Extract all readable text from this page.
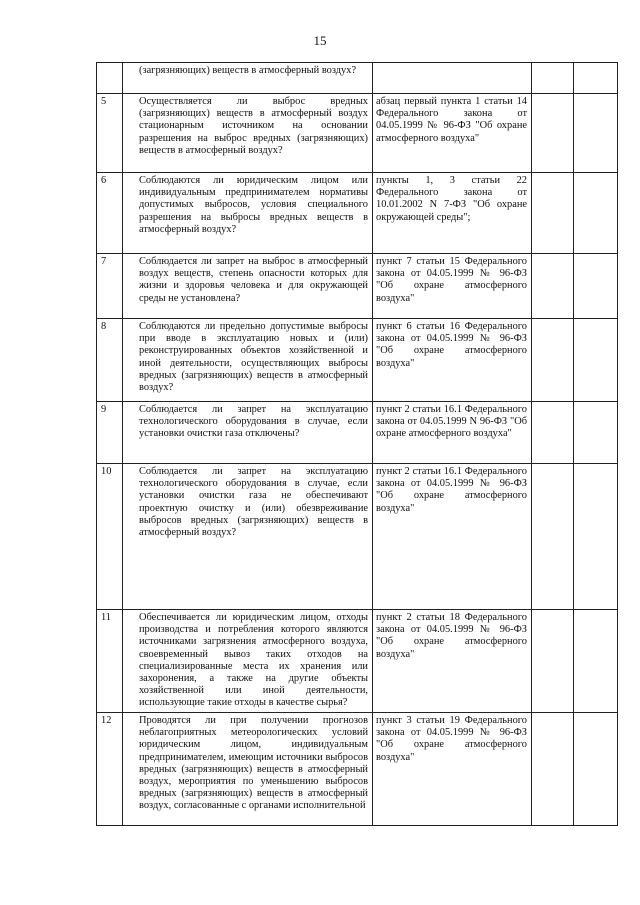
15

	(загрязняющих) веществ в атмосферный воздух?			

5	Осуществляется ли выброс вредных (загрязняющих) веществ в атмосферный воздух стационарным источником на основании разрешения на выброс вредных (загрязняющих) веществ в атмосферный воздух?	абзац первый пункта 1 статьи 14 Федерального закона от 04.05.1999 № 96-ФЗ "Об охране атмосферного воздуха"		

6	Соблюдаются ли юридическим лицом или индивидуальным предпринимателем нормативы допустимых выбросов, условия специального разрешения на выбросы вредных веществ в атмосферный воздух?	пункты 1, 3 статьи 22 Федерального закона от 10.01.2002 N 7-ФЗ "Об охране окружающей среды";		

7	Соблюдается ли запрет на выброс в атмосферный воздух веществ, степень опасности которых для жизни и здоровья человека и для окружающей среды не установлена?	пункт 7 статьи 15 Федерального закона от 04.05.1999 № 96-ФЗ "Об охране атмосферного воздуха"		

8	Соблюдаются ли предельно допустимые выбросы при вводе в эксплуатацию новых и (или) реконструированных объектов хозяйственной и иной деятельности, осуществляющих выбросы вредных (загрязняющих) веществ в атмосферный воздух?	пункт 6 статьи 16 Федерального закона от 04.05.1999 № 96-ФЗ "Об охране атмосферного воздуха"		

9	Соблюдается ли запрет на эксплуатацию технологического оборудования в случае, если установки очистки газа отключены?	пункт 2 статьи 16.1 Федерального закона от 04.05.1999 N 96-ФЗ "Об охране атмосферного воздуха"		

10	Соблюдается ли запрет на эксплуатацию технологического оборудования в случае, если установки очистки газа не обеспечивают проектную очистку и (или) обезвреживание выбросов вредных (загрязняющих) веществ в атмосферный воздух?	пункт 2 статьи 16.1 Федерального закона от 04.05.1999 № 96-ФЗ "Об охране атмосферного воздуха"		

11	Обеспечивается ли юридическим лицом, отходы производства и потребления которого являются источниками загрязнения атмосферного воздуха, своевременный вывоз таких отходов на специализированные места их хранения или захоронения, а также на другие объекты хозяйственной или иной деятельности, использующие такие отходы в качестве сырья?	пункт 2 статьи 18 Федерального закона от 04.05.1999 № 96-ФЗ "Об охране атмосферного воздуха"		

12	Проводятся ли при получении прогнозов неблагоприятных метеорологических условий юридическим лицом, индивидуальным предпринимателем, имеющим источники выбросов вредных (загрязняющих) веществ в атмосферный воздух, мероприятия по уменьшению выбросов вредных (загрязняющих) веществ в атмосферный воздух, согласованные с органами исполнительной	пункт 3 статьи 19 Федерального закона от 04.05.1999 № 96-ФЗ "Об охране атмосферного воздуха"		
